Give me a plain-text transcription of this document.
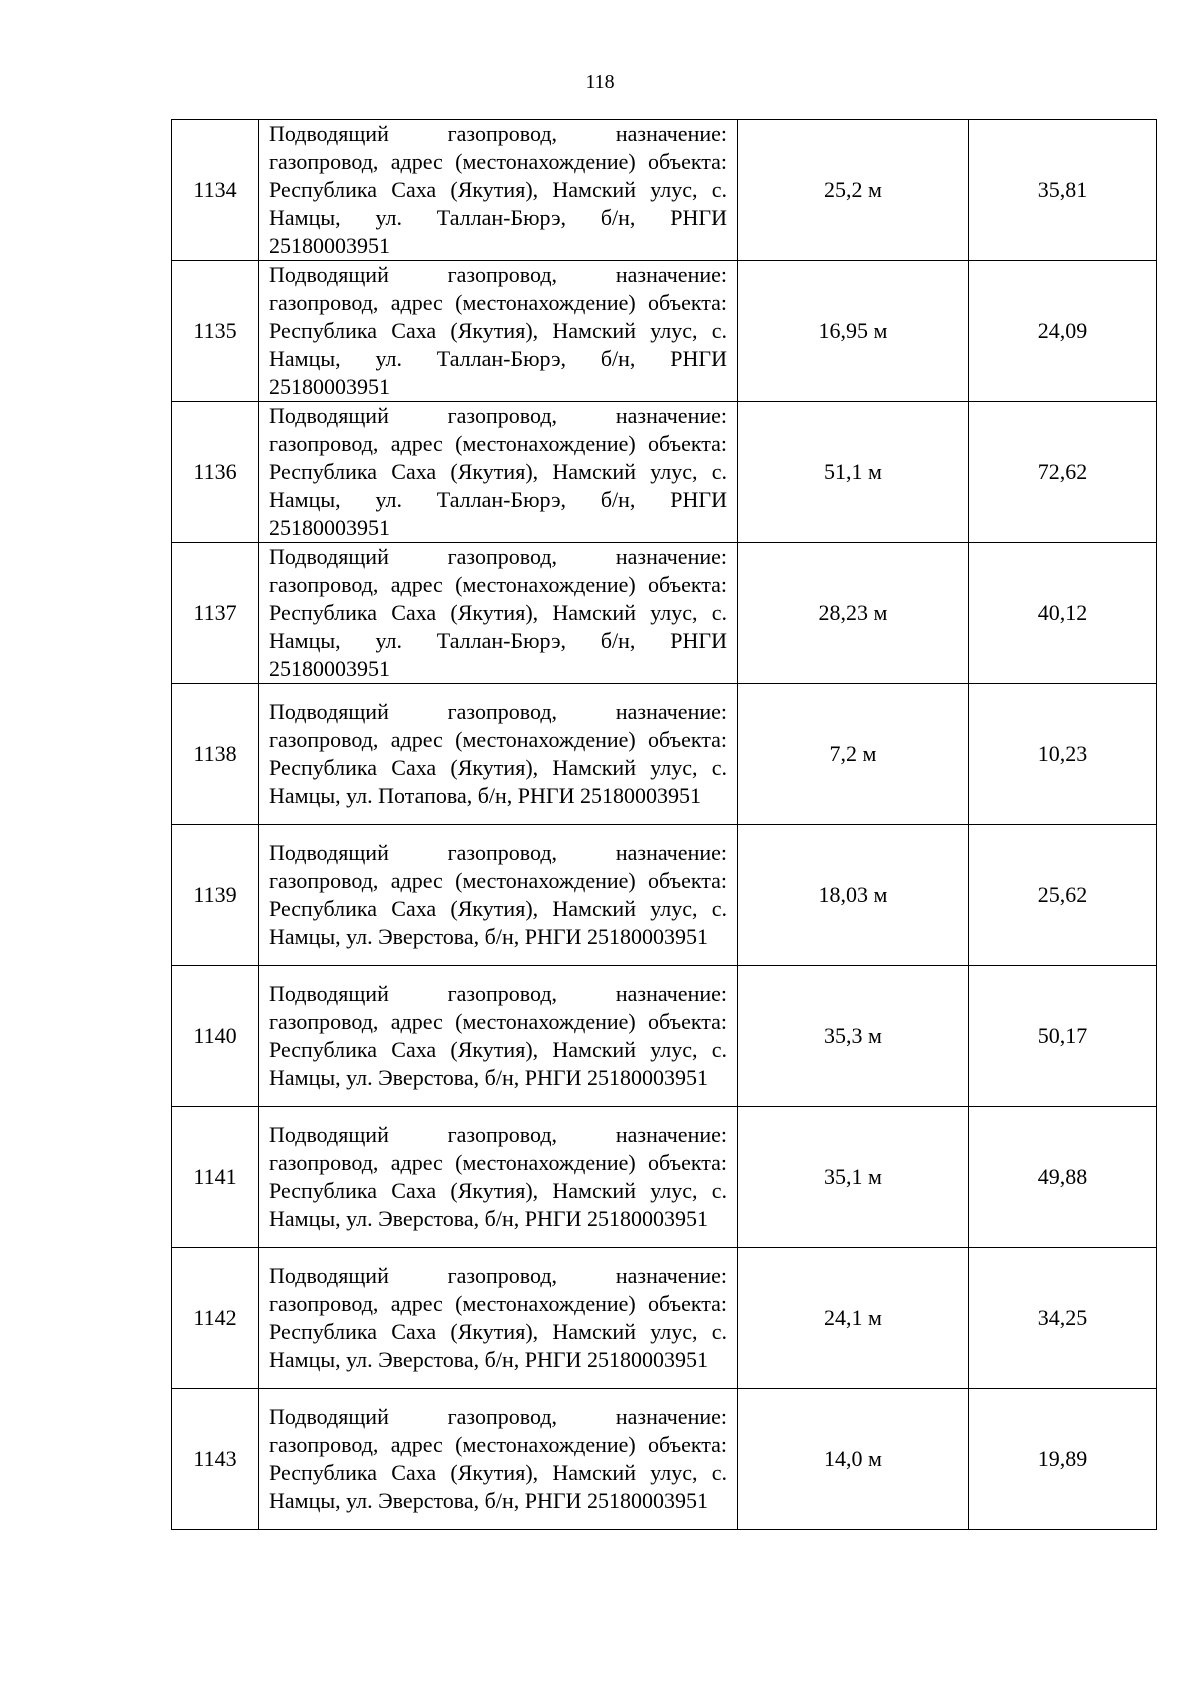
118
1134	Подводящий газопровод, назначение: газопровод, адрес (местонахождение) объекта: Республика Саха (Якутия), Намский улус, с. Намцы, ул. Таллан-Бюрэ, б/н, РНГИ 25180003951	25,2 м	35,81
1135	Подводящий газопровод, назначение: газопровод, адрес (местонахождение) объекта: Республика Саха (Якутия), Намский улус, с. Намцы, ул. Таллан-Бюрэ, б/н, РНГИ 25180003951	16,95 м	24,09
1136	Подводящий газопровод, назначение: газопровод, адрес (местонахождение) объекта: Республика Саха (Якутия), Намский улус, с. Намцы, ул. Таллан-Бюрэ, б/н, РНГИ 25180003951	51,1 м	72,62
1137	Подводящий газопровод, назначение: газопровод, адрес (местонахождение) объекта: Республика Саха (Якутия), Намский улус, с. Намцы, ул. Таллан-Бюрэ, б/н, РНГИ 25180003951	28,23 м	40,12
1138	Подводящий газопровод, назначение: газопровод, адрес (местонахождение) объекта: Республика Саха (Якутия), Намский улус, с. Намцы, ул. Потапова, б/н, РНГИ 25180003951	7,2 м	10,23
1139	Подводящий газопровод, назначение: газопровод, адрес (местонахождение) объекта: Республика Саха (Якутия), Намский улус, с. Намцы, ул. Эверстова, б/н, РНГИ 25180003951	18,03 м	25,62
1140	Подводящий газопровод, назначение: газопровод, адрес (местонахождение) объекта: Республика Саха (Якутия), Намский улус, с. Намцы, ул. Эверстова, б/н, РНГИ 25180003951	35,3 м	50,17
1141	Подводящий газопровод, назначение: газопровод, адрес (местонахождение) объекта: Республика Саха (Якутия), Намский улус, с. Намцы, ул. Эверстова, б/н, РНГИ 25180003951	35,1 м	49,88
1142	Подводящий газопровод, назначение: газопровод, адрес (местонахождение) объекта: Республика Саха (Якутия), Намский улус, с. Намцы, ул. Эверстова, б/н, РНГИ 25180003951	24,1 м	34,25
1143	Подводящий газопровод, назначение: газопровод, адрес (местонахождение) объекта: Республика Саха (Якутия), Намский улус, с. Намцы, ул. Эверстова, б/н, РНГИ 25180003951	14,0 м	19,89
